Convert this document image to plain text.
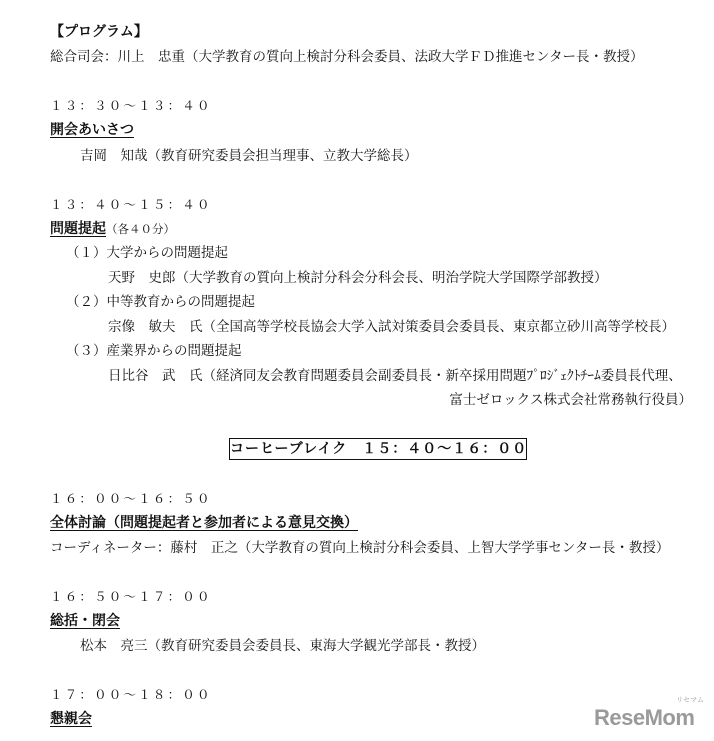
【プログラム】
総合司会：川上　忠重（大学教育の質向上検討分科会委員、法政大学ＦＤ推進センター長・教授）
１３：３０〜１３：４０
開会あいさつ
吉岡　知哉（教育研究委員会担当理事、立教大学総長）
１３：４０〜１５：４０
問題提起（各４０分）
（１）大学からの問題提起
天野　史郎（大学教育の質向上検討分科会分科会長、明治学院大学国際学部教授）
（２）中等教育からの問題提起
宗像　敏夫　氏（全国高等学校長協会大学入試対策委員会委員長、東京都立砂川高等学校長）
（３）産業界からの問題提起
日比谷　武　氏（経済同友会教育問題委員会副委員長・新卒採用問題ﾌﾟﾛｼﾞｪｸﾄﾁｰﾑ委員長代理、
富士ゼロックス株式会社常務執行役員）
コーヒーブレイク　１５：４０〜１６：００
１６：００〜１６：５０
全体討論（問題提起者と参加者による意見交換）
コーディネーター：藤村　正之（大学教育の質向上検討分科会委員、上智大学学事センター長・教授）
１６：５０〜１７：００
総括・閉会
松本　亮三（教育研究委員会委員長、東海大学観光学部長・教授）
１７：００〜１８：００
懇親会
リセマム
ReseMom
